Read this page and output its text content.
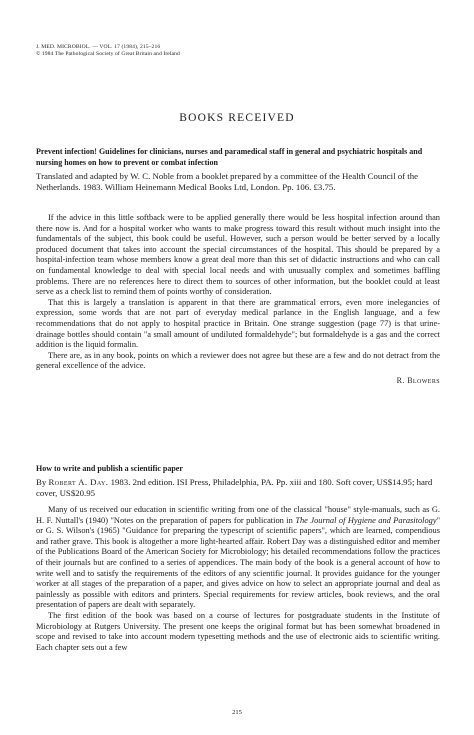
J. MED. MICROBIOL. — VOL. 17 (1984), 215–216
© 1984 The Pathological Society of Great Britain and Ireland
BOOKS RECEIVED

Prevent infection! Guidelines for clinicians, nurses and paramedical staff in general and psychiatric hospitals and nursing homes on how to prevent or combat infection

Translated and adapted by W. C. Noble from a booklet prepared by a committee of the Health Council of the Netherlands. 1983. William Heinemann Medical Books Ltd, London. Pp. 106. £3.75.

If the advice in this little softback were to be applied generally there would be less hospital infection around than there now is. And for a hospital worker who wants to make progress toward this result without much insight into the fundamentals of the subject, this book could be useful. However, such a person would be better served by a locally produced document that takes into account the special circumstances of the hospital. This should be prepared by a hospital-infection team whose members know a great deal more than this set of didactic instructions and who can call on fundamental knowledge to deal with special local needs and with unusually complex and sometimes baffling problems. There are no references here to direct them to sources of other information, but the booklet could at least serve as a check list to remind them of points worthy of consideration.

That this is largely a translation is apparent in that there are grammatical errors, even more inelegancies of expression, some words that are not part of everyday medical parlance in the English language, and a few recommendations that do not apply to hospital practice in Britain. One strange suggestion (page 77) is that urine-drainage bottles should contain "a small amount of undiluted formaldehyde"; but formaldehyde is a gas and the correct addition is the liquid formalin.

There are, as in any book, points on which a reviewer does not agree but these are a few and do not detract from the general excellence of the advice.

R. Blowers

How to write and publish a scientific paper

By Robert A. Day. 1983. 2nd edition. ISI Press, Philadelphia, PA. Pp. xiii and 180. Soft cover, US$14.95; hard cover, US$20.95

Many of us received our education in scientific writing from one of the classical "house" style-manuals, such as G. H. F. Nuttall's (1940) "Notes on the preparation of papers for publication in The Journal of Hygiene and Parasitology" or G. S. Wilson's (1965) "Guidance for preparing the typescript of scientific papers", which are learned, compendious and rather grave. This book is altogether a more light-hearted affair. Robert Day was a distinguished editor and member of the Publications Board of the American Society for Microbiology; his detailed recommendations follow the practices of their journals but are confined to a series of appendices. The main body of the book is a general account of how to write well and to satisfy the requirements of the editors of any scientific journal. It provides guidance for the younger worker at all stages of the preparation of a paper, and gives advice on how to select an appropriate journal and deal as painlessly as possible with editors and printers. Special requirements for review articles, book reviews, and the oral presentation of papers are dealt with separately.

The first edition of the book was based on a course of lectures for postgraduate students in the Institute of Microbiology at Rutgers University. The present one keeps the original format but has been somewhat broadened in scope and revised to take into account modern typesetting methods and the use of electronic aids to scientific writing. Each chapter sets out a few

215
